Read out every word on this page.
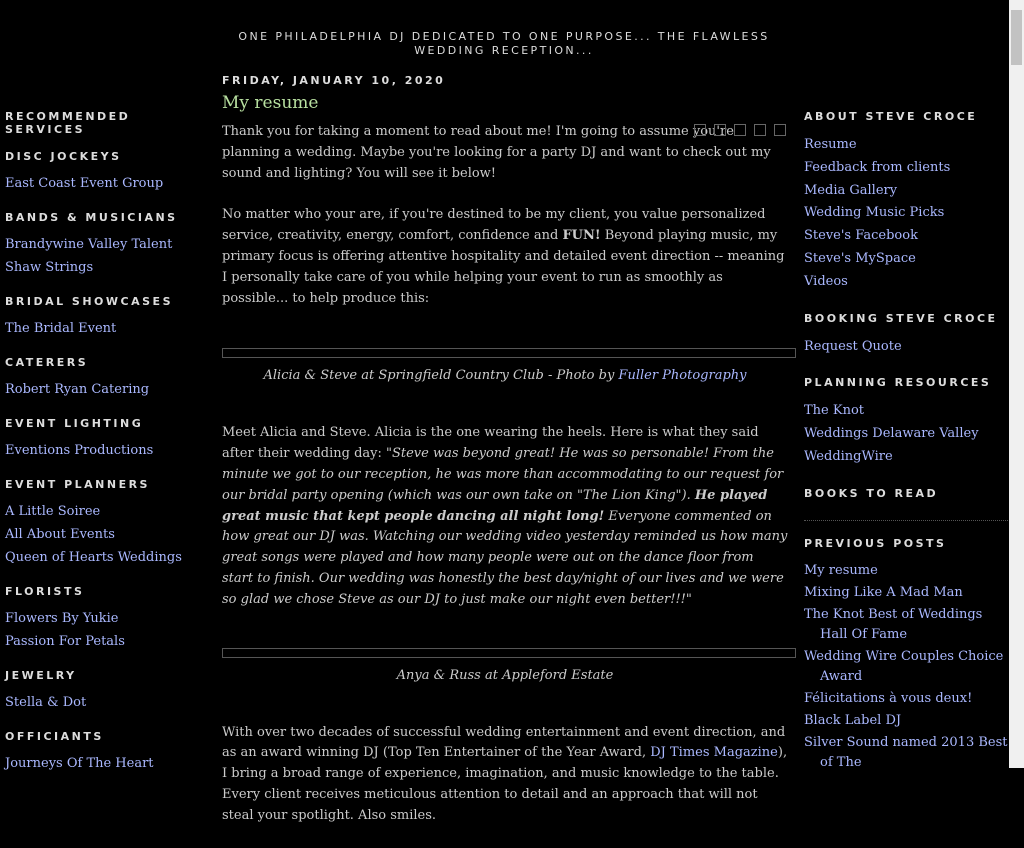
ONE PHILADELPHIA DJ DEDICATED TO ONE PURPOSE... THE FLAWLESS WEDDING RECEPTION...
RECOMMENDED SERVICES
DISC JOCKEYS
East Coast Event Group
BANDS & MUSICIANS
Brandywine Valley Talent
Shaw Strings
BRIDAL SHOWCASES
The Bridal Event
CATERERS
Robert Ryan Catering
EVENT LIGHTING
Eventions Productions
EVENT PLANNERS
A Little Soiree
All About Events
Queen of Hearts Weddings
FLORISTS
Flowers By Yukie
Passion For Petals
JEWELRY
Stella & Dot
OFFICIANTS
Journeys Of The Heart
FRIDAY, JANUARY 10, 2020
My resume

Thank you for taking a moment to read about me! I'm going to assume you're planning a wedding. Maybe you're looking for a party DJ and want to check out my sound and lighting? You will see it below!

No matter who your are, if you're destined to be my client, you value personalized service, creativity, energy, comfort, confidence and FUN! Beyond playing music, my primary focus is offering attentive hospitality and detailed event direction -- meaning I personally take care of you while helping your event to run as smoothly as possible... to help produce this:

Alicia & Steve at Springfield Country Club - Photo by Fuller Photography

Meet Alicia and Steve. Alicia is the one wearing the heels. Here is what they said after their wedding day: "Steve was beyond great! He was so personable! From the minute we got to our reception, he was more than accommodating to our request for our bridal party opening (which was our own take on "The Lion King"). He played great music that kept people dancing all night long! Everyone commented on how great our DJ was. Watching our wedding video yesterday reminded us how many great songs were played and how many people were out on the dance floor from start to finish. Our wedding was honestly the best day/night of our lives and we were so glad we chose Steve as our DJ to just make our night even better!!!"

Anya & Russ at Appleford Estate

With over two decades of successful wedding entertainment and event direction, and as an award winning DJ (Top Ten Entertainer of the Year Award, DJ Times Magazine), I bring a broad range of experience, imagination, and music knowledge to the table. Every client receives meticulous attention to detail and an approach that will not steal your spotlight. Also smiles.

ABOUT STEVE CROCE
Resume
Feedback from clients
Media Gallery
Wedding Music Picks
Steve's Facebook
Steve's MySpace
Videos
BOOKING STEVE CROCE
Request Quote
PLANNING RESOURCES
The Knot
Weddings Delaware Valley
WeddingWire
BOOKS TO READ
PREVIOUS POSTS
My resume
Mixing Like A Mad Man
The Knot Best of Weddings Hall Of Fame
Wedding Wire Couples Choice Award
Félicitations à vous deux!
Black Label DJ
Silver Sound named 2013 Best of The
